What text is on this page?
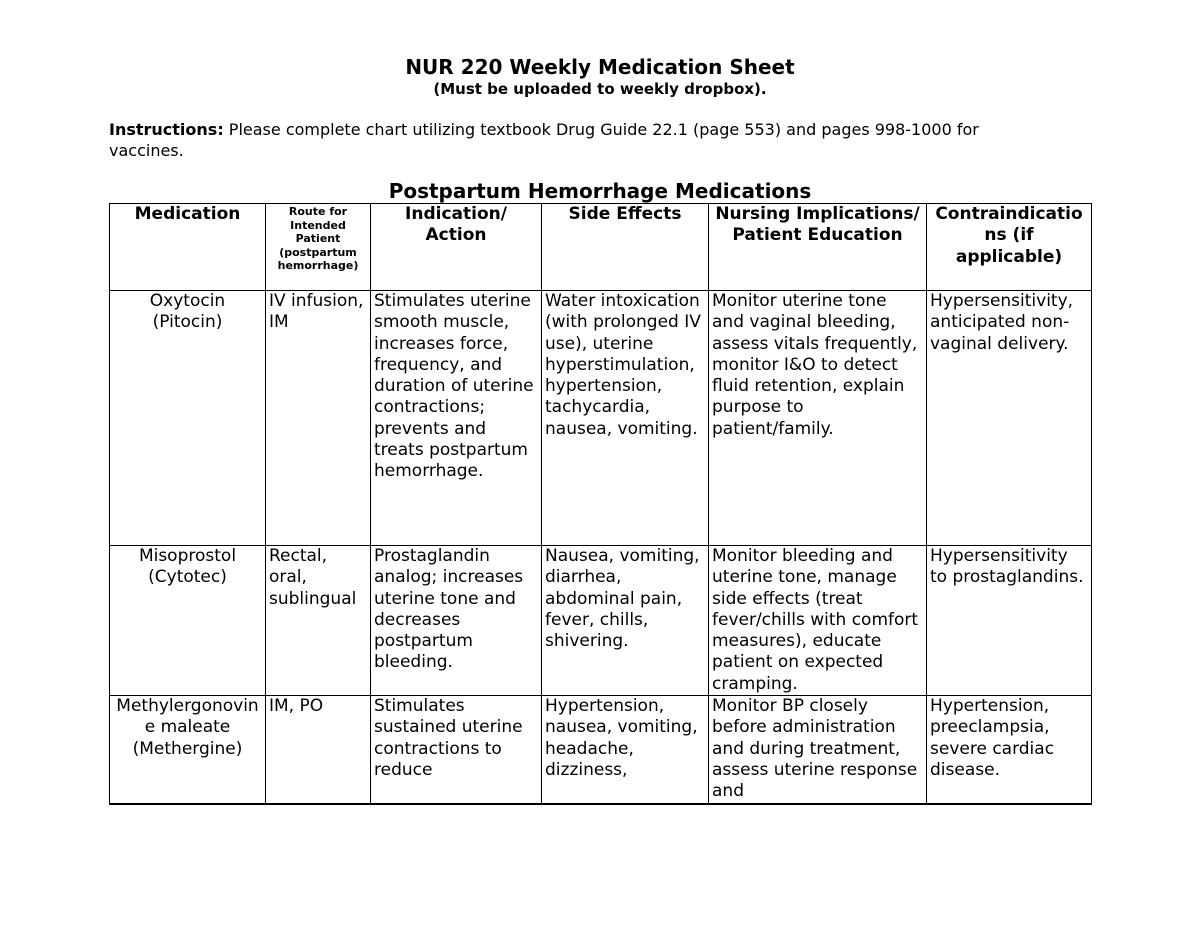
NUR 220 Weekly Medication Sheet
(Must be uploaded to weekly dropbox).
Instructions: Please complete chart utilizing textbook Drug Guide 22.1 (page 553) and pages 998-1000 for vaccines.
Postpartum Hemorrhage Medications
Medication	Route for Intended Patient (postpartum hemorrhage)	Indication/ Action	Side Effects	Nursing Implications/ Patient Education	Contraindications (if applicable)
Oxytocin (Pitocin)	IV infusion, IM	Stimulates uterine smooth muscle, increases force, frequency, and duration of uterine contractions; prevents and treats postpartum hemorrhage.	Water intoxication (with prolonged IV use), uterine hyperstimulation, hypertension, tachycardia, nausea, vomiting.	Monitor uterine tone and vaginal bleeding, assess vitals frequently, monitor I&O to detect fluid retention, explain purpose to patient/family.	Hypersensitivity, anticipated non-vaginal delivery.
Misoprostol (Cytotec)	Rectal, oral, sublingual	Prostaglandin analog; increases uterine tone and decreases postpartum bleeding.	Nausea, vomiting, diarrhea, abdominal pain, fever, chills, shivering.	Monitor bleeding and uterine tone, manage side effects (treat fever/chills with comfort measures), educate patient on expected cramping.	Hypersensitivity to prostaglandins.
Methylergonovine maleate (Methergine)	IM, PO	Stimulates sustained uterine contractions to reduce	Hypertension, nausea, vomiting, headache, dizziness,	Monitor BP closely before administration and during treatment, assess uterine response and	Hypertension, preeclampsia, severe cardiac disease.
